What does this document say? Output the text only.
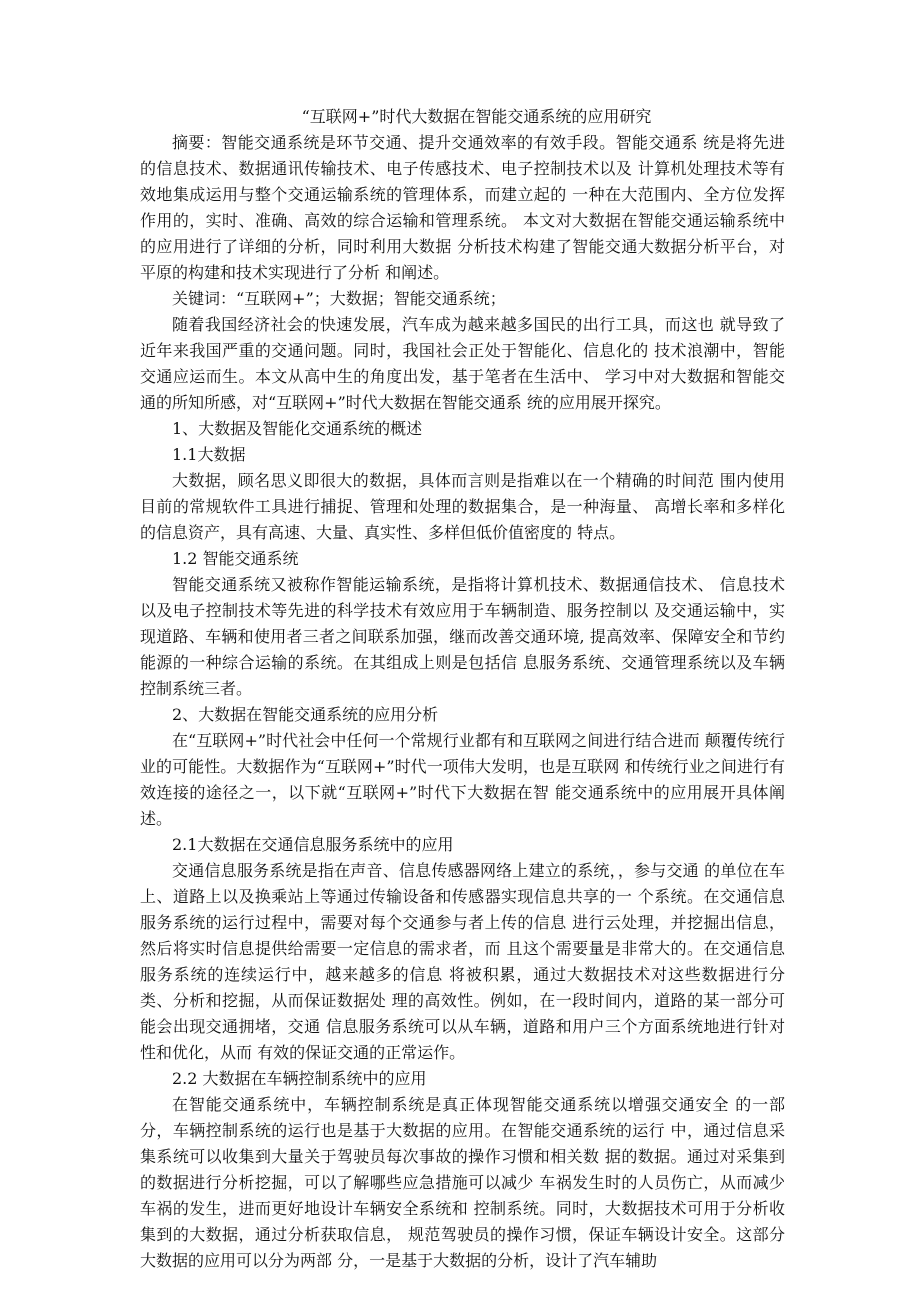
“互联网+”时代大数据在智能交通系统的应用研究
摘要：智能交通系统是环节交通、提升交通效率的有效手段。智能交通系 统是将先进的信息技术、数据通讯传输技术、电子传感技术、电子控制技术以及 计算机处理技术等有效地集成运用与整个交通运输系统的管理体系，而建立起的 一种在大范围内、全方位发挥作用的，实时、准确、高效的综合运输和管理系统。 本文对大数据在智能交通运输系统中的应用进行了详细的分析，同时利用大数据 分析技术构建了智能交通大数据分析平台，对平原的构建和技术实现进行了分析 和阐述。
关键词：“互联网+”；大数据；智能交通系统；
随着我国经济社会的快速发展，汽车成为越来越多国民的出行工具，而这也 就导致了近年来我国严重的交通问题。同时，我国社会正处于智能化、信息化的 技术浪潮中，智能交通应运而生。本文从高中生的角度出发，基于笔者在生活中、 学习中对大数据和智能交通的所知所感，对“互联网+”时代大数据在智能交通系 统的应用展开探究。
1、大数据及智能化交通系统的概述
1.1大数据
大数据，顾名思义即很大的数据，具体而言则是指难以在一个精确的时间范 围内使用目前的常规软件工具进行捕捉、管理和处理的数据集合，是一种海量、 高增长率和多样化的信息资产，具有高速、大量、真实性、多样但低价值密度的 特点。
1.2 智能交通系统
智能交通系统又被称作智能运输系统，是指将计算机技术、数据通信技术、 信息技术以及电子控制技术等先进的科学技术有效应用于车辆制造、服务控制以 及交通运输中，实现道路、车辆和使用者三者之间联系加强，继而改善交通环境, 提高效率、保障安全和节约能源的一种综合运输的系统。在其组成上则是包括信 息服务系统、交通管理系统以及车辆控制系统三者。
2、大数据在智能交通系统的应用分析
在“互联网+”时代社会中任何一个常规行业都有和互联网之间进行结合进而 颠覆传统行业的可能性。大数据作为“互联网+”时代一项伟大发明，也是互联网 和传统行业之间进行有效连接的途径之一，以下就“互联网+”时代下大数据在智 能交通系统中的应用展开具体阐述。
2.1大数据在交通信息服务系统中的应用
交通信息服务系统是指在声音、信息传感器网络上建立的系统，，参与交通 的单位在车上、道路上以及换乘站上等通过传输设备和传感器实现信息共享的一 个系统。在交通信息服务系统的运行过程中，需要对每个交通参与者上传的信息 进行云处理，并挖掘出信息，然后将实时信息提供给需要一定信息的需求者，而 且这个需要量是非常大的。在交通信息服务系统的连续运行中，越来越多的信息 将被积累，通过大数据技术对这些数据进行分类、分析和挖掘，从而保证数据处 理的高效性。例如，在一段时间内，道路的某一部分可能会出现交通拥堵，交通 信息服务系统可以从车辆，道路和用户三个方面系统地进行针对性和优化，从而 有效的保证交通的正常运作。
2.2 大数据在车辆控制系统中的应用
在智能交通系统中，车辆控制系统是真正体现智能交通系统以增强交通安全 的一部分，车辆控制系统的运行也是基于大数据的应用。在智能交通系统的运行 中，通过信息采集系统可以收集到大量关于驾驶员每次事故的操作习惯和相关数 据的数据。通过对采集到的数据进行分析挖掘，可以了解哪些应急措施可以减少 车祸发生时的人员伤亡，从而减少车祸的发生，进而更好地设计车辆安全系统和 控制系统。同时，大数据技术可用于分析收集到的大数据，通过分析获取信息， 规范驾驶员的操作习惯，保证车辆设计安全。这部分大数据的应用可以分为两部 分，一是基于大数据的分析，设计了汽车辅助
